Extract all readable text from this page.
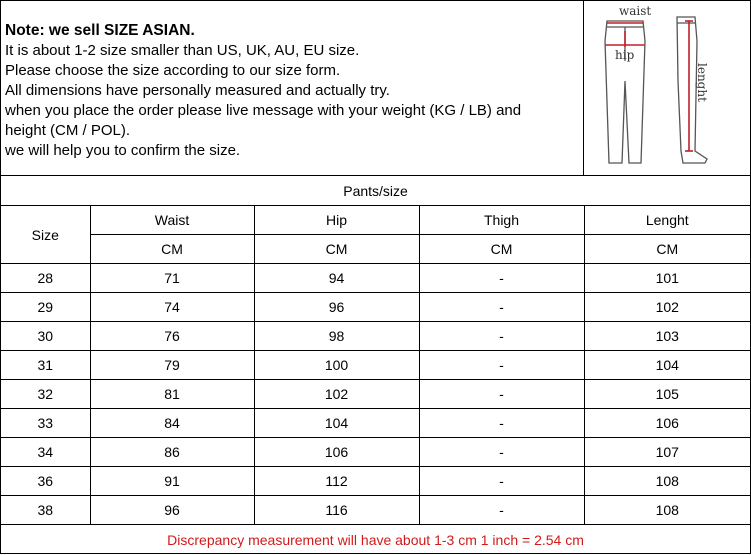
Note: we sell SIZE ASIAN.
It is about 1-2 size smaller than US, UK, AU, EU size.
Please choose the size according to our size form.
All dimensions have personally measured and actually try.
when you place the order please live message with your weight (KG / LB) and
height (CM / POL).
we will help you to confirm the size.
waist
hip
lenght
Pants/size				
Size	Waist	Hip	Thigh	Lenght
	CM	CM	CM	CM
28	71	94	-	101
29	74	96	-	102
30	76	98	-	103
31	79	100	-	104
32	81	102	-	105
33	84	104	-	106
34	86	106	-	107
36	91	112	-	108
38	96	116	-	108
Discrepancy measurement will have about 1-3 cm 1 inch = 2.54 cm				
